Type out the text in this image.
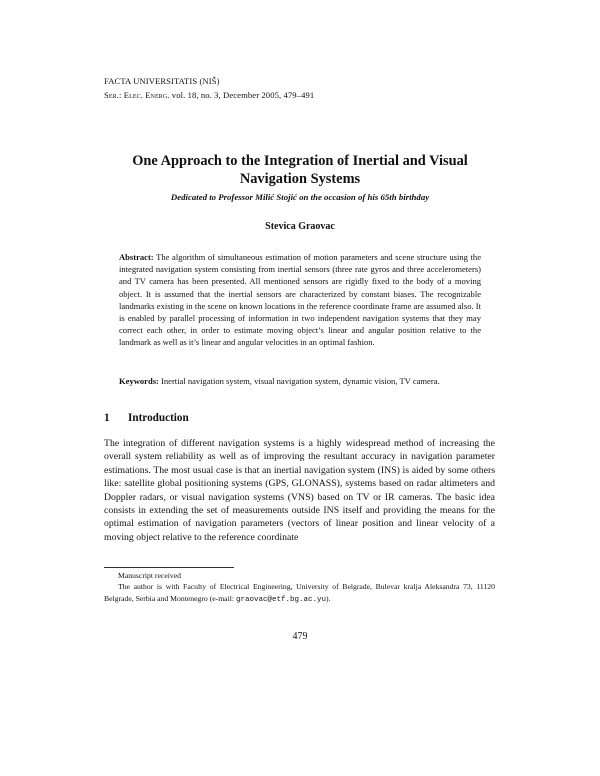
FACTA UNIVERSITATIS (NIŠ)
Ser.: Elec. Energ. vol. 18, no. 3, December 2005, 479–491
One Approach to the Integration of Inertial and Visual
Navigation Systems
Dedicated to Professor Milić Stojić on the occasion of his 65th birthday
Stevica Graovac
Abstract: The algorithm of simultaneous estimation of motion parameters and scene structure using the integrated navigation system consisting from inertial sensors (three rate gyros and three accelerometers) and TV camera has been presented. All mentioned sensors are rigidly fixed to the body of a moving object. It is assumed that the inertial sensors are characterized by constant biases. The recognizable landmarks existing in the scene on known locations in the reference coordinate frame are assumed also. It is enabled by parallel processing of information in two independent navigation systems that they may correct each other, in order to estimate moving object’s linear and angular position relative to the landmark as well as it’s linear and angular velocities in an optimal fashion.
Keywords: Inertial navigation system, visual navigation system, dynamic vision, TV camera.
1 Introduction
The integration of different navigation systems is a highly widespread method of increasing the overall system reliability as well as of improving the resultant accuracy in navigation parameter estimations. The most usual case is that an inertial navigation system (INS) is aided by some others like: satellite global positioning systems (GPS, GLONASS), systems based on radar altimeters and Doppler radars, or visual navigation systems (VNS) based on TV or IR cameras. The basic idea consists in extending the set of measurements outside INS itself and providing the means for the optimal estimation of navigation parameters (vectors of linear position and linear velocity of a moving object relative to the reference coordinate

Manuscript received

The author is with Faculty of Electrical Engineering, University of Belgrade, Bulevar kralja Aleksandra 73, 11120 Belgrade, Serbia and Montenegro (e-mail: graovac@etf.bg.ac.yu).

479
